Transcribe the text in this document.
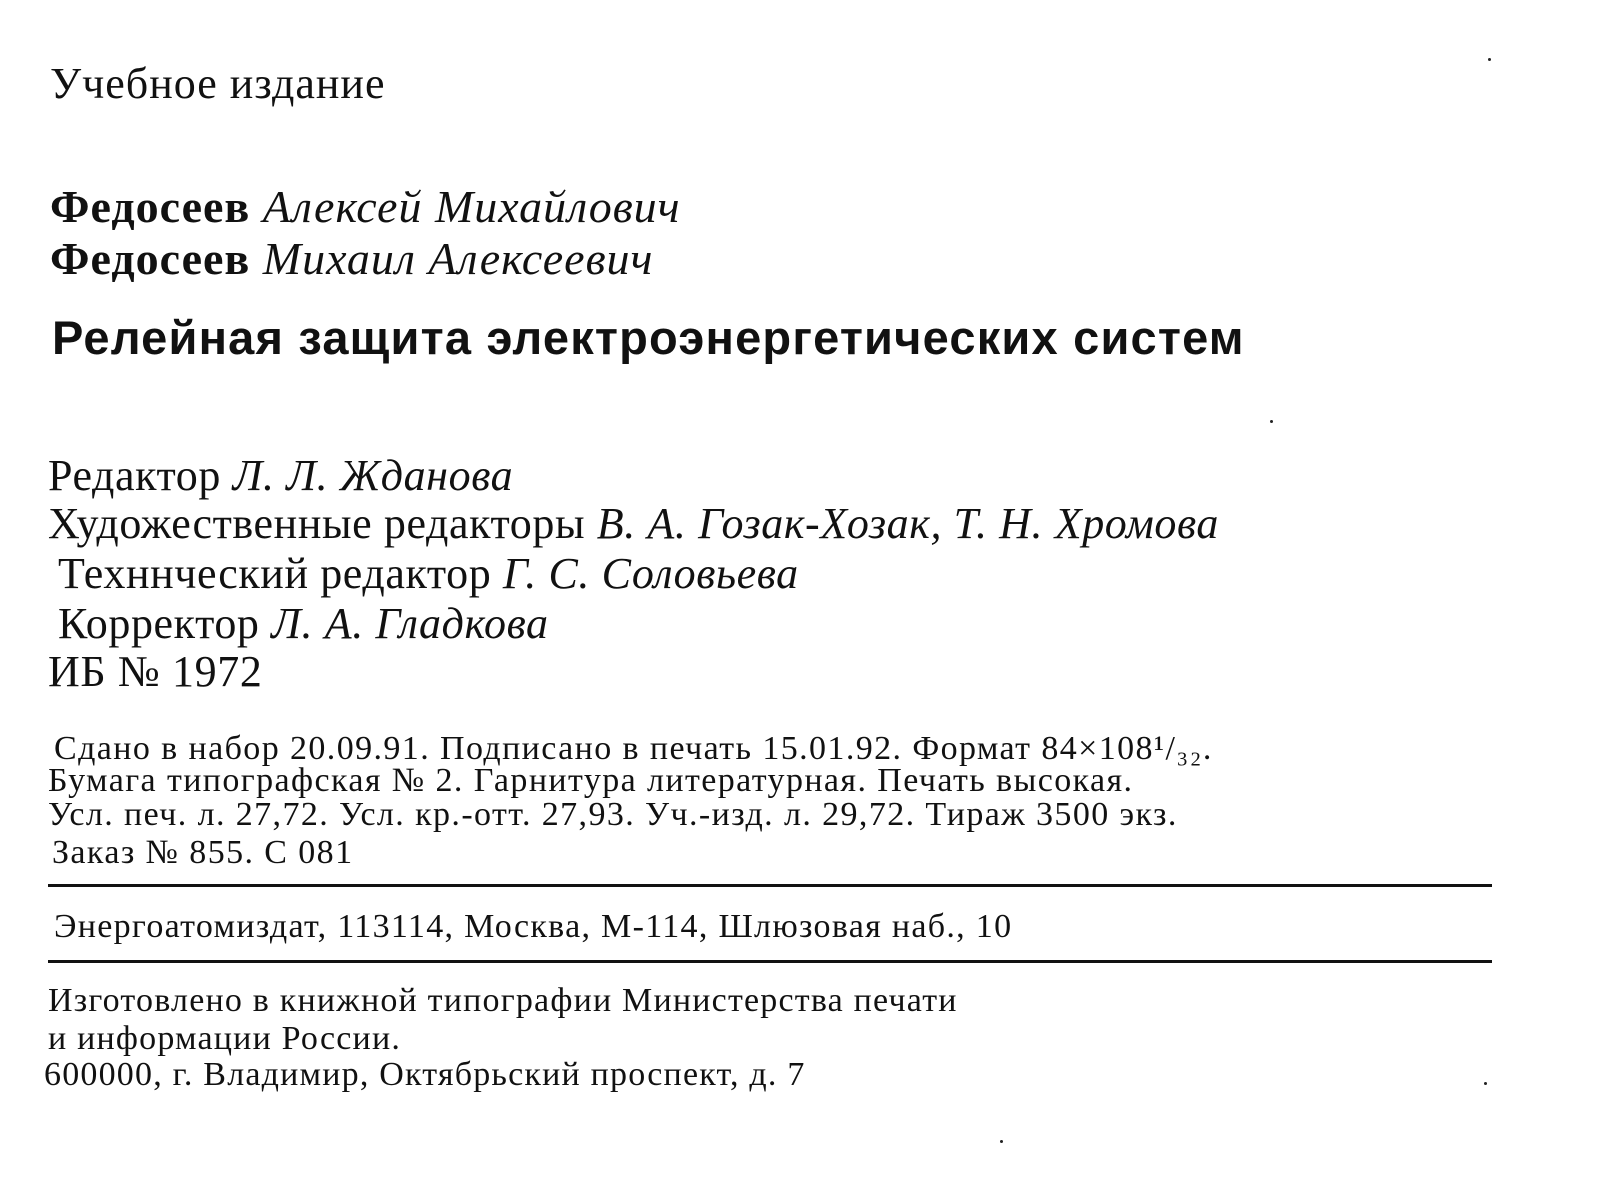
Учебное издание
Федосеев Алексей Михайлович
Федосеев Михаил Алексеевич
Релейная защита электроэнергетических систем
Редактор Л. Л. Жданова
Художественные редакторы В. А. Гозак-Хозак, Т. Н. Хромова
Техннческий редактор Г. С. Соловьева
Корректор Л. А. Гладкова
ИБ № 1972
Сдано в набор 20.09.91. Подписано в печать 15.01.92. Формат 84×108¹/₃₂.
Бумага типографская № 2. Гарнитура литературная. Печать высокая.
Усл. печ. л. 27,72. Усл. кр.-отт. 27,93. Уч.-изд. л. 29,72. Тираж 3500 экз.
Заказ № 855. С 081
Энергоатомиздат, 113114, Москва, М-114, Шлюзовая наб., 10
Изготовлено в книжной типографии Министерства печати
и информации России.
600000, г. Владимир, Октябрьский проспект, д. 7
